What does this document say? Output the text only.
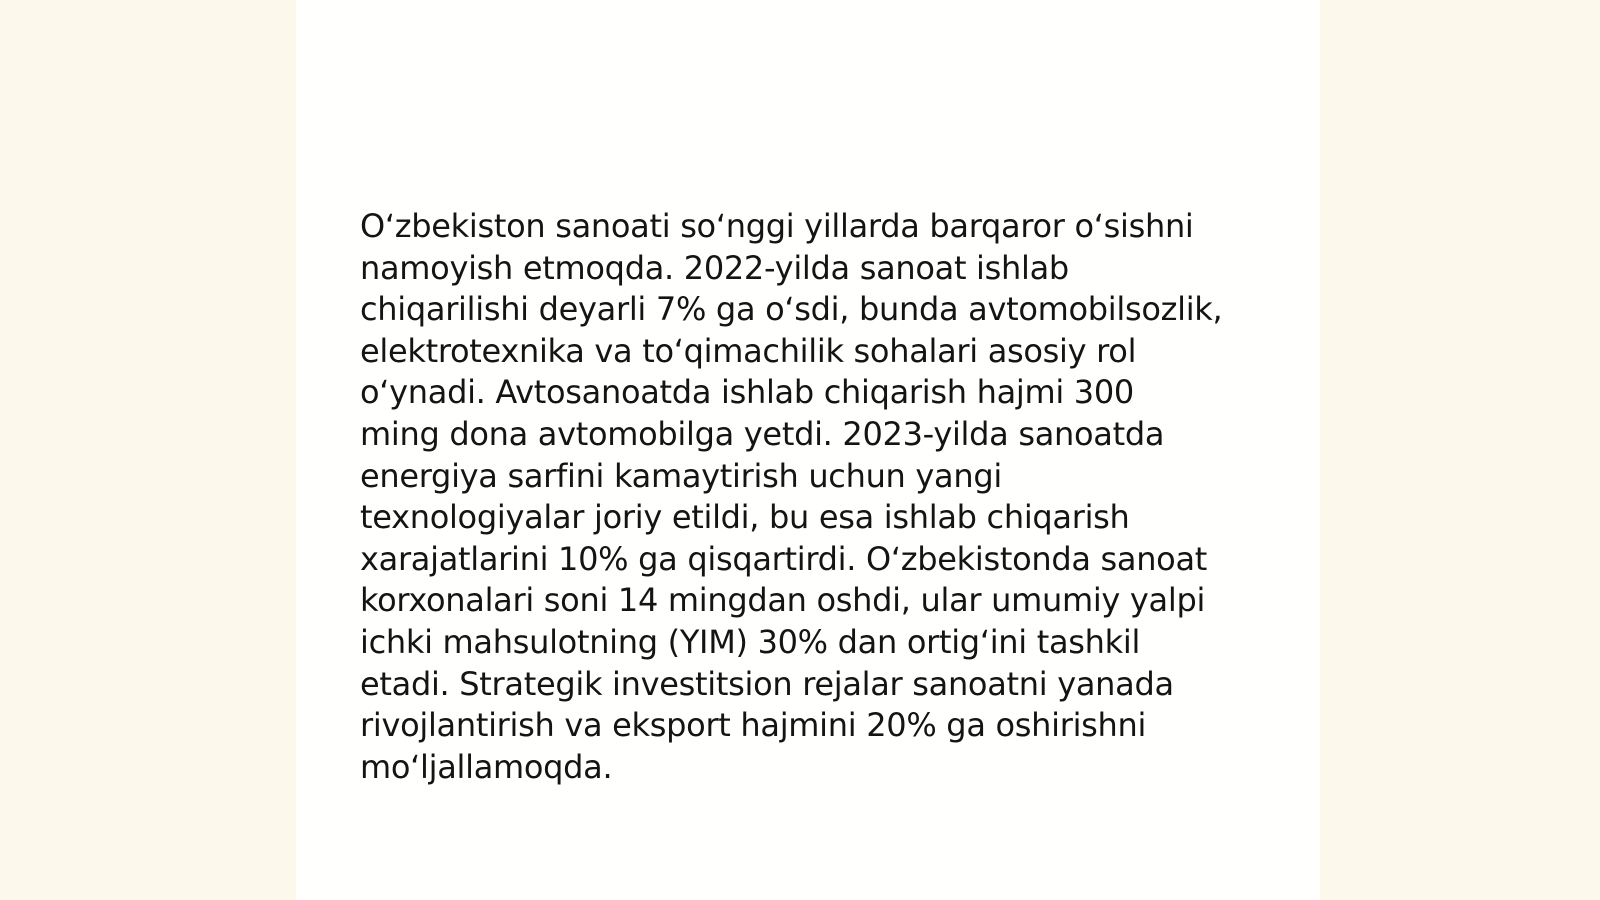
O‘zbekiston sanoati so‘nggi yillarda barqaror o‘sishni
namoyish etmoqda. 2022-yilda sanoat ishlab
chiqarilishi deyarli 7% ga o‘sdi, bunda avtomobilsozlik,
elektrotexnika va to‘qimachilik sohalari asosiy rol
o‘ynadi. Avtosanoatda ishlab chiqarish hajmi 300
ming dona avtomobilga yetdi. 2023-yilda sanoatda
energiya sarfini kamaytirish uchun yangi
texnologiyalar joriy etildi, bu esa ishlab chiqarish
xarajatlarini 10% ga qisqartirdi. O‘zbekistonda sanoat
korxonalari soni 14 mingdan oshdi, ular umumiy yalpi
ichki mahsulotning (YIM) 30% dan ortig‘ini tashkil
etadi. Strategik investitsion rejalar sanoatni yanada
rivojlantirish va eksport hajmini 20% ga oshirishni
mo‘ljallamoqda.
